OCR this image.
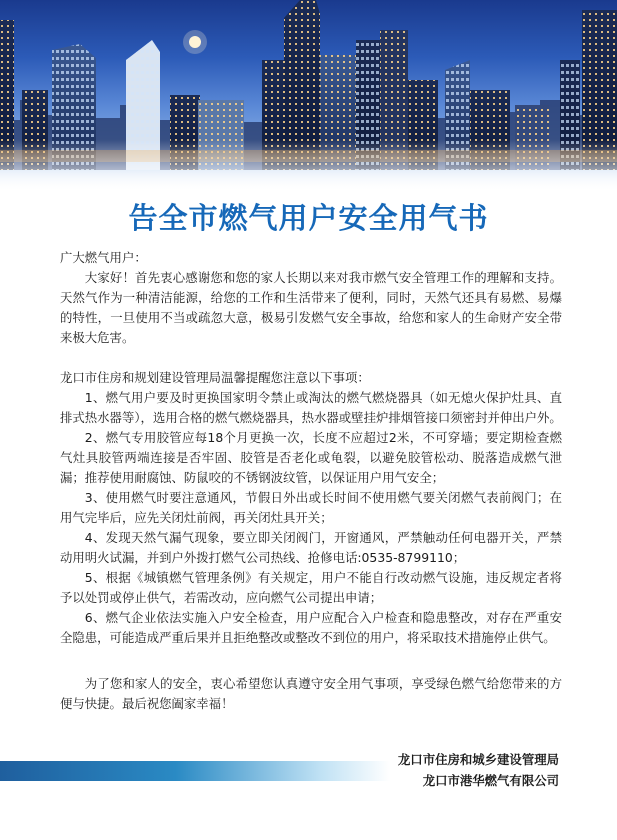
告全市燃气用户安全用气书

广大燃气用户：

大家好！首先衷心感谢您和您的家人长期以来对我市燃气安全管理工作的理解和支持。天然气作为一种清洁能源，给您的工作和生活带来了便利，同时，天然气还具有易燃、易爆的特性，一旦使用不当或疏忽大意，极易引发燃气安全事故，给您和家人的生命财产安全带来极大危害。

龙口市住房和规划建设管理局温馨提醒您注意以下事项：

1、燃气用户要及时更换国家明令禁止或淘汰的燃气燃烧器具（如无熄火保护灶具、直排式热水器等），选用合格的燃气燃烧器具，热水器或壁挂炉排烟管接口须密封并伸出户外。
2、燃气专用胶管应每18个月更换一次，长度不应超过2米，不可穿墙；要定期检查燃气灶具胶管两端连接是否牢固、胶管是否老化或龟裂，以避免胶管松动、脱落造成燃气泄漏；推荐使用耐腐蚀、防鼠咬的不锈钢波纹管，以保证用户用气安全；
3、使用燃气时要注意通风，节假日外出或长时间不使用燃气要关闭燃气表前阀门；在用气完毕后，应先关闭灶前阀，再关闭灶具开关；
4、发现天然气漏气现象，要立即关闭阀门，开窗通风，严禁触动任何电器开关，严禁动用明火试漏，并到户外拨打燃气公司热线、抢修电话:0535-8799110；
5、根据《城镇燃气管理条例》有关规定，用户不能自行改动燃气设施，违反规定者将予以处罚或停止供气，若需改动，应向燃气公司提出申请；
6、燃气企业依法实施入户安全检查，用户应配合入户检查和隐患整改，对存在严重安全隐患，可能造成严重后果并且拒绝整改或整改不到位的用户，将采取技术措施停止供气。

为了您和家人的安全，衷心希望您认真遵守安全用气事项，享受绿色燃气给您带来的方便与快捷。最后祝您阖家幸福！

龙口市住房和城乡建设管理局
龙口市港华燃气有限公司
